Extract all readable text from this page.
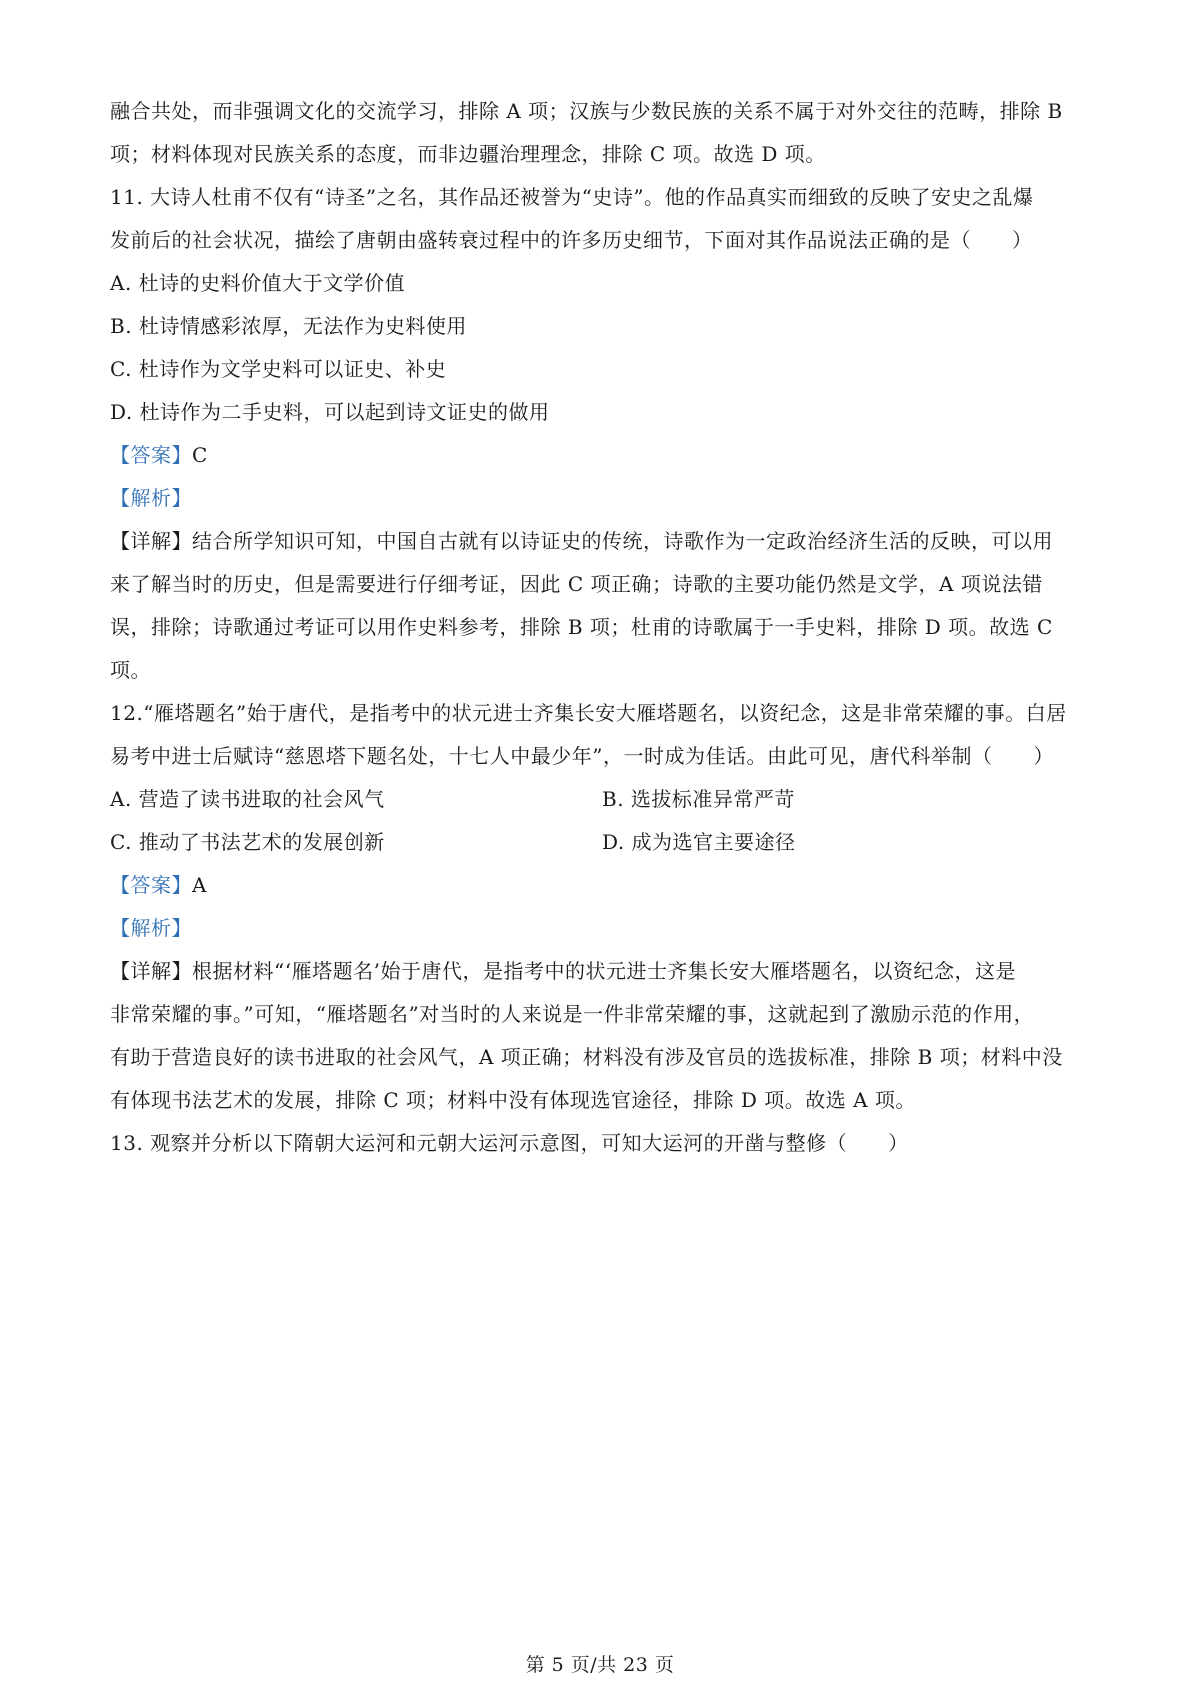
融合共处，而非强调文化的交流学习，排除 A 项；汉族与少数民族的关系不属于对外交往的范畴，排除 B
项；材料体现对民族关系的态度，而非边疆治理理念，排除 C 项。故选 D 项。
11. 大诗人杜甫不仅有“诗圣”之名，其作品还被誉为“史诗”。他的作品真实而细致的反映了安史之乱爆
发前后的社会状况，描绘了唐朝由盛转衰过程中的许多历史细节，下面对其作品说法正确的是（　　）
A. 杜诗的史料价值大于文学价值
B. 杜诗情感彩浓厚，无法作为史料使用
C. 杜诗作为文学史料可以证史、补史
D. 杜诗作为二手史料，可以起到诗文证史的做用
【答案】C
【解析】
【详解】结合所学知识可知，中国自古就有以诗证史的传统，诗歌作为一定政治经济生活的反映，可以用
来了解当时的历史，但是需要进行仔细考证，因此 C 项正确；诗歌的主要功能仍然是文学，A 项说法错
误，排除；诗歌通过考证可以用作史料参考，排除 B 项；杜甫的诗歌属于一手史料，排除 D 项。故选 C
项。
12.“雁塔题名”始于唐代，是指考中的状元进士齐集长安大雁塔题名，以资纪念，这是非常荣耀的事。白居
易考中进士后赋诗“慈恩塔下题名处，十七人中最少年”，一时成为佳话。由此可见，唐代科举制（　　）
A. 营造了读书进取的社会风气	B. 选拔标准异常严苛
C. 推动了书法艺术的发展创新	D. 成为选官主要途径
【答案】A
【解析】
【详解】根据材料“‘雁塔题名’始于唐代，是指考中的状元进士齐集长安大雁塔题名，以资纪念，这是
非常荣耀的事。”可知，“雁塔题名”对当时的人来说是一件非常荣耀的事，这就起到了激励示范的作用，
有助于营造良好的读书进取的社会风气，A 项正确；材料没有涉及官员的选拔标准，排除 B 项；材料中没
有体现书法艺术的发展，排除 C 项；材料中没有体现选官途径，排除 D 项。故选 A 项。
13. 观察并分析以下隋朝大运河和元朝大运河示意图，可知大运河的开凿与整修（　　）
第 5 页/共 23 页
